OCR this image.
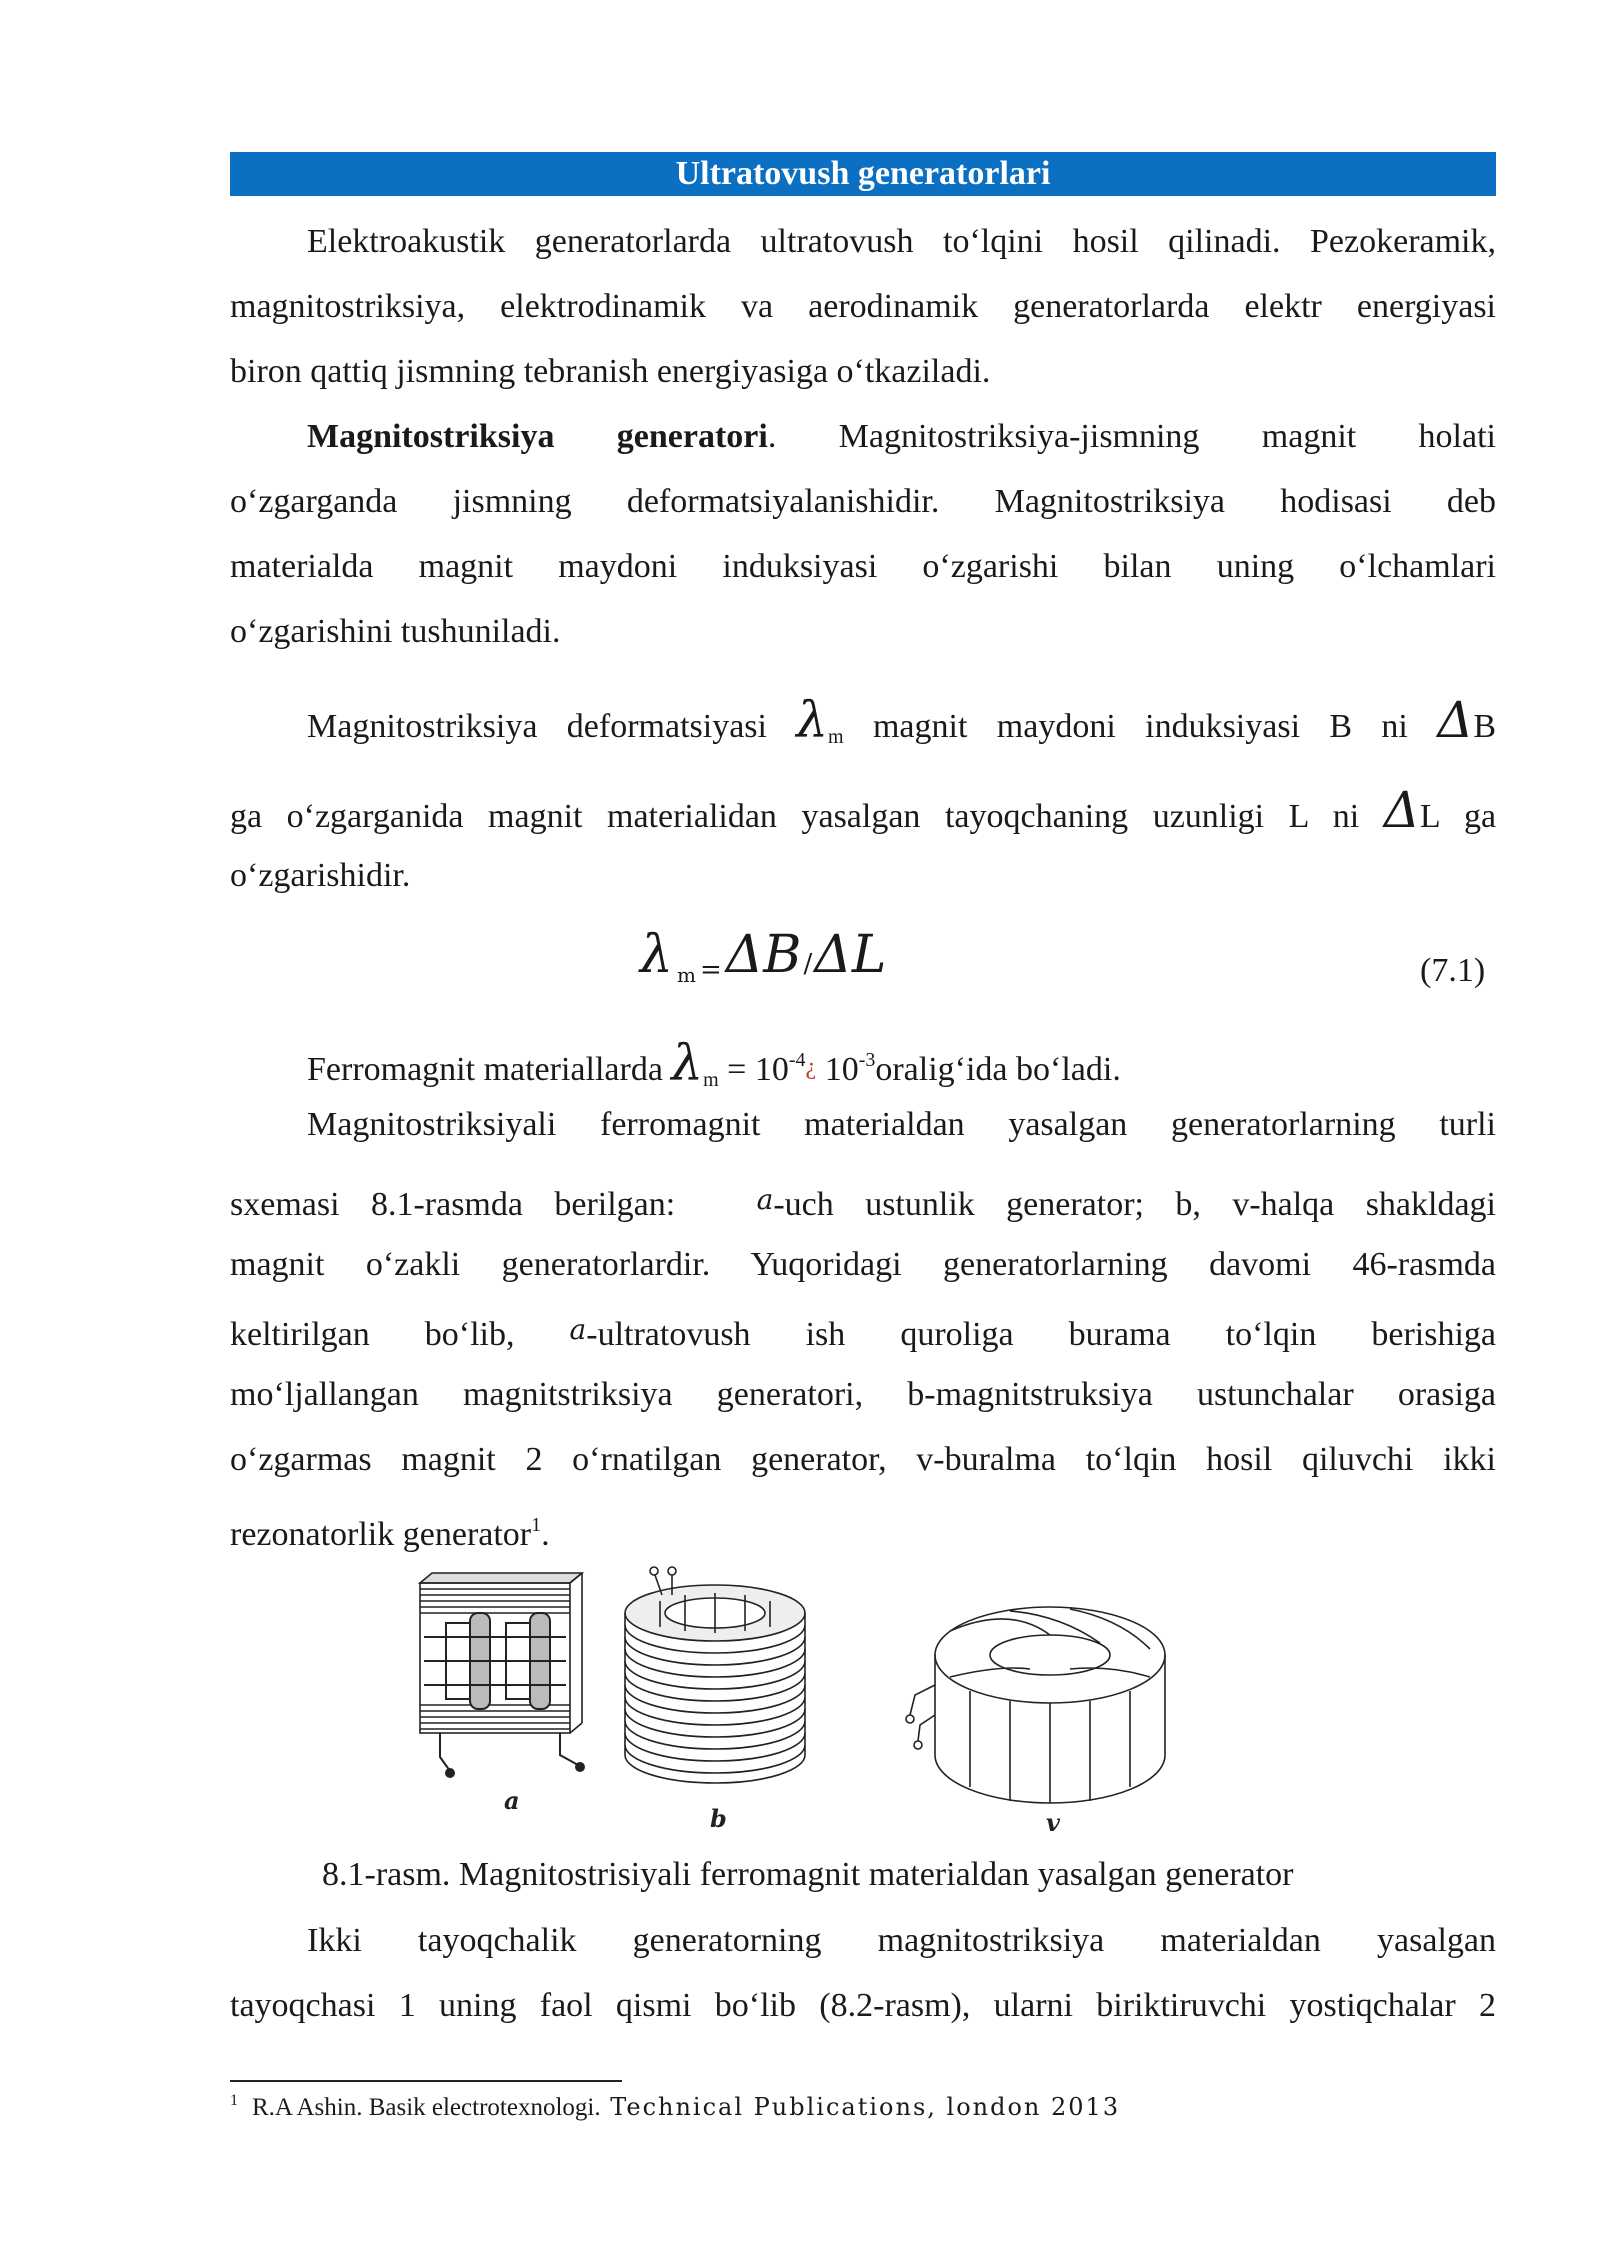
Ultratovush generatorlari
Elektroakustik generatorlarda ultratovush to‘lqini hosil qilinadi. Pezokeramik,
magnitostriksiya, elektrodinamik va aerodinamik generatorlarda elektr energiyasi
biron qattiq jismning tebranish energiyasiga o‘tkaziladi.
Magnitostriksiya generatori. Magnitostriksiya-jismning magnit holati
o‘zgarganda jismning deformatsiyalanishidir. Magnitostriksiya hodisasi deb
materialda magnit maydoni induksiyasi o‘zgarishi bilan uning o‘lchamlari
o‘zgarishini tushuniladi.
Magnitostriksiya deformatsiyasi $\lambda_m$ magnit maydoni induksiyasi B ni ΔB
ga o‘zgarganida magnit materialidan yasalgan tayoqchaning uzunligi L ni ΔL ga
o‘zgarishidir.
λm =ΔB/ΔL	(7.1)
Ferromagnit materiallarda $\lambda_m$ = $10^{-4}¿$ $10^{-3}oralig‘ida$ bo‘ladi.
Magnitostriksiyali ferromagnit materialdan yasalgan generatorlarning turli
sxemasi 8.1-rasmda berilgan:	a-uch ustunlik generator; b, v-halqa shakldagi
magnit o‘zakli generatorlardir. Yuqoridagi generatorlarning davomi 46-rasmda
keltirilgan bo‘lib, a-ultratovush ish quroliga burama to‘lqin berishiga
mo‘ljallangan magnitstriksiya generatori, b-magnitstruksiya ustunchalar orasiga
o‘zgarmas magnit 2 o‘rnatilgan generator, v-buralma to‘lqin hosil qiluvchi ikki
rezonatorlik generator$^1$.
a
b	v
8.1-rasm. Magnitostrisiyali ferromagnit materialdan yasalgan generator
Ikki tayoqchalik generatorning magnitostriksiya materialdan yasalgan
tayoqchasi 1 uning faol qismi bo‘lib (8.2-rasm), ularni biriktiruvchi yostiqchalar 2
$^1$ R.A Ashin. Basik electrotexnologi. Technical Publications, london 2013
